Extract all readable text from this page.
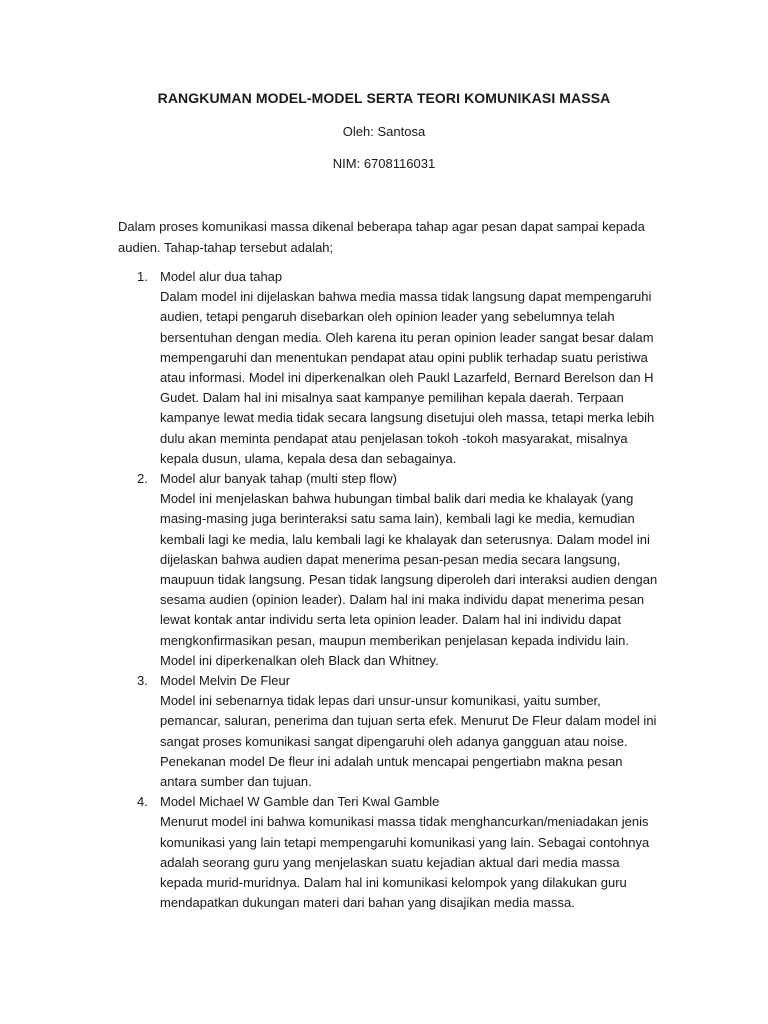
RANGKUMAN MODEL-MODEL SERTA TEORI KOMUNIKASI MASSA
Oleh: Santosa
NIM: 6708116031

Dalam proses komunikasi massa dikenal beberapa tahap agar pesan dapat sampai kepada audien. Tahap-tahap tersebut adalah;

1. Model alur dua tahap
Dalam model ini dijelaskan bahwa media massa tidak langsung dapat mempengaruhi audien, tetapi pengaruh disebarkan oleh opinion leader yang sebelumnya telah bersentuhan dengan media. Oleh karena itu peran opinion leader sangat besar dalam mempengaruhi dan menentukan pendapat atau opini publik terhadap suatu peristiwa atau informasi. Model ini diperkenalkan oleh Paukl Lazarfeld, Bernard Berelson dan H Gudet. Dalam hal ini misalnya saat kampanye pemilihan kepala daerah. Terpaan kampanye lewat media tidak secara langsung disetujui oleh massa, tetapi merka lebih dulu akan meminta pendapat atau penjelasan tokoh -tokoh masyarakat, misalnya kepala dusun, ulama, kepala desa dan sebagainya.
2. Model alur banyak tahap (multi step flow)
Model ini menjelaskan bahwa hubungan timbal balik dari media ke khalayak (yang masing-masing juga berinteraksi satu sama lain), kembali lagi ke media, kemudian kembali lagi ke media, lalu kembali lagi ke khalayak dan seterusnya. Dalam model ini dijelaskan bahwa audien dapat menerima pesan-pesan media secara langsung, maupuun tidak langsung. Pesan tidak langsung diperoleh dari interaksi audien dengan sesama audien (opinion leader). Dalam hal ini maka individu dapat menerima pesan lewat kontak antar individu serta leta opinion leader. Dalam hal ini individu dapat mengkonfirmasikan pesan, maupun memberikan penjelasan kepada individu lain. Model ini diperkenalkan oleh Black dan Whitney.
3. Model Melvin De Fleur
Model ini sebenarnya tidak lepas dari unsur-unsur komunikasi, yaitu sumber, pemancar, saluran, penerima dan tujuan serta efek. Menurut De Fleur dalam model ini sangat proses komunikasi sangat dipengaruhi oleh adanya gangguan atau noise. Penekanan model De fleur ini adalah untuk mencapai pengertiabn makna pesan antara sumber dan tujuan.
4. Model Michael W Gamble dan Teri Kwal Gamble
Menurut model ini bahwa komunikasi massa tidak menghancurkan/meniadakan jenis komunikasi yang lain tetapi mempengaruhi komunikasi yang lain. Sebagai contohnya adalah seorang guru yang menjelaskan suatu kejadian aktual dari media massa kepada murid-muridnya. Dalam hal ini komunikasi kelompok yang dilakukan guru mendapatkan dukungan materi dari bahan yang disajikan media massa.
